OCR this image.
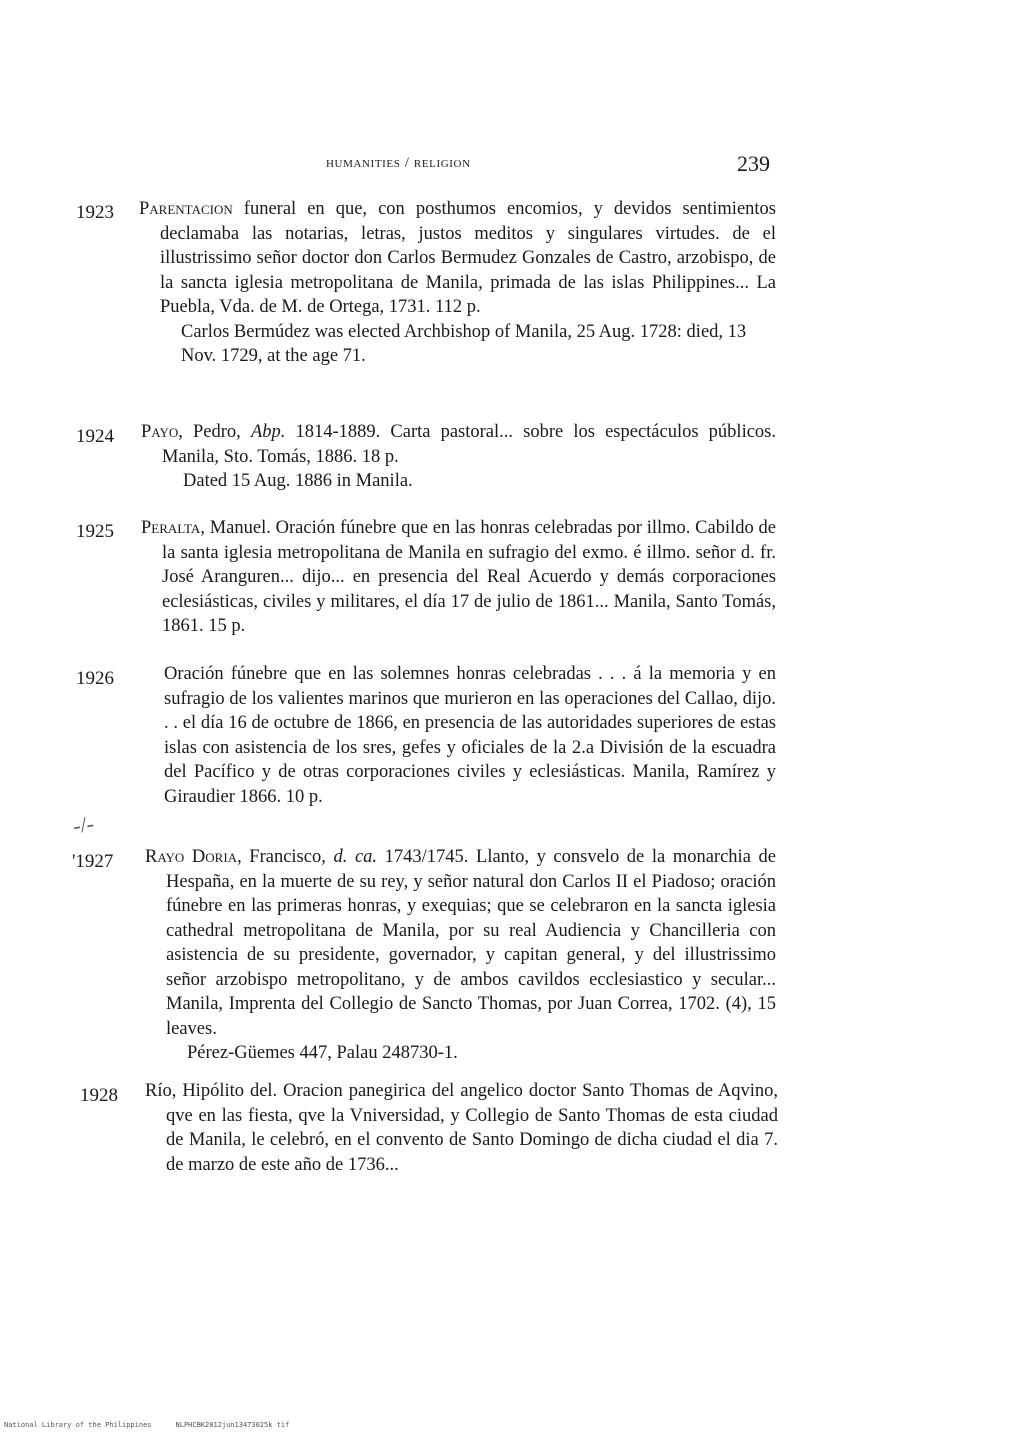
humanities / religion	239
1923 Parentacion funeral en que, con posthumos encomios, y devidos sentimientos declamaba las notarias, letras, justos meditos y singulares virtudes. de el illustrissimo señor doctor don Carlos Bermudez Gonzales de Castro, arzobispo, de la sancta iglesia metropolitana de Manila, primada de las islas Philippines... La Puebla, Vda. de M. de Ortega, 1731. 112 p.

Carlos Bermúdez was elected Archbishop of Manila, 25 Aug. 1728: died, 13 Nov. 1729, at the age 71.

1924 Payo, Pedro, Abp. 1814-1889. Carta pastoral... sobre los espectáculos públicos. Manila, Sto. Tomás, 1886. 18 p.

Dated 15 Aug. 1886 in Manila.

1925 Peralta, Manuel. Oración fúnebre que en las honras celebradas por illmo. Cabildo de la santa iglesia metropolitana de Manila en sufragio del exmo. é illmo. señor d. fr. José Aranguren... dijo... en presencia del Real Acuerdo y demás corporaciones eclesiásticas, civiles y militares, el día 17 de julio de 1861... Manila, Santo Tomás, 1861. 15 p.

1926	Oración fúnebre que en las solemnes honras celebradas . . . á la memoria y en sufragio de los valientes marinos que murieron en las operaciones del Callao, dijo. . . el día 16 de octubre de 1866, en presencia de las autoridades superiores de estas islas con asistencia de los sres, gefes y oficiales de la 2.a División de la escuadra del Pacífico y de otras corporaciones civiles y eclesiásticas. Manila, Ramírez y Giraudier 1866. 10 p.

-/-
'1927 Rayo Doria, Francisco, d. ca. 1743/1745. Llanto, y consvelo de la monarchia de Hespaña, en la muerte de su rey, y señor natural don Carlos II el Piadoso; oración fúnebre en las primeras honras, y exequias; que se celebraron en la sancta iglesia cathedral metropolitana de Manila, por su real Audiencia y Chancilleria con asistencia de su presidente, governador, y capitan general, y del illustrissimo señor arzobispo metropolitano, y de ambos cavildos ecclesiastico y secular... Manila, Imprenta del Collegio de Sancto Thomas, por Juan Correa, 1702. (4), 15 leaves.

Pérez-Güemes 447, Palau 248730-1.

1928 Río, Hipólito del. Oracion panegirica del angelico doctor Santo Thomas de Aqvino, qve en las fiesta, qve la Vniversidad, y Collegio de Santo Thomas de esta ciudad de Manila, le celebró, en el convento de Santo Domingo de dicha ciudad el dia 7. de marzo de este año de 1736...

National Library of the Philippines	NLPHCBK2012jun13473025k tif
